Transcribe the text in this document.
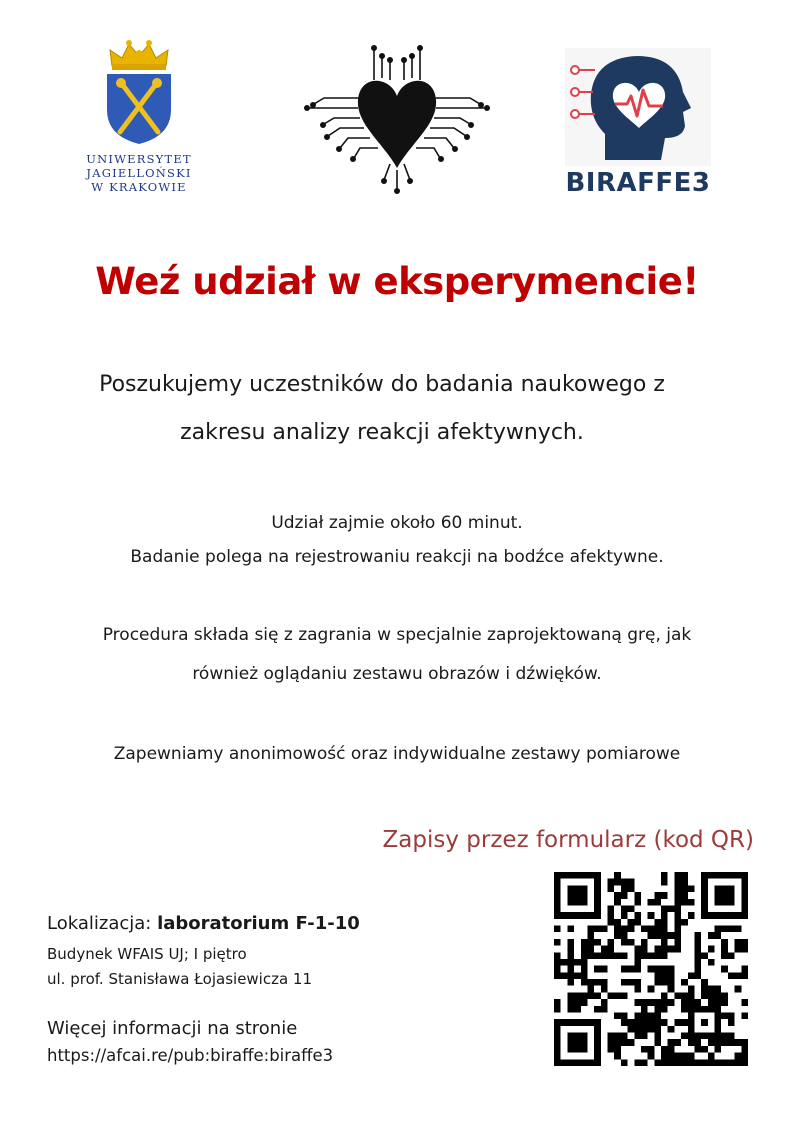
UNIWERSYTET
JAGIELLOŃSKI
W KRAKOWIE	BIRAFFE3
Weź udział w eksperymencie!
Poszukujemy uczestników do badania naukowego z
zakresu analizy reakcji afektywnych.
Udział zajmie około 60 minut.
Badanie polega na rejestrowaniu reakcji na bodźce afektywne.
Procedura składa się z zagrania w specjalnie zaprojektowaną grę, jak
również oglądaniu zestawu obrazów i dźwięków.
Zapewniamy anonimowość oraz indywidualne zestawy pomiarowe
Zapisy przez formularz (kod QR)
Lokalizacja: laboratorium F-1-10
Budynek WFAIS UJ; I piętro
ul. prof. Stanisława Łojasiewicza 11
Więcej informacji na stronie
https://afcai.re/pub:biraffe:biraffe3
